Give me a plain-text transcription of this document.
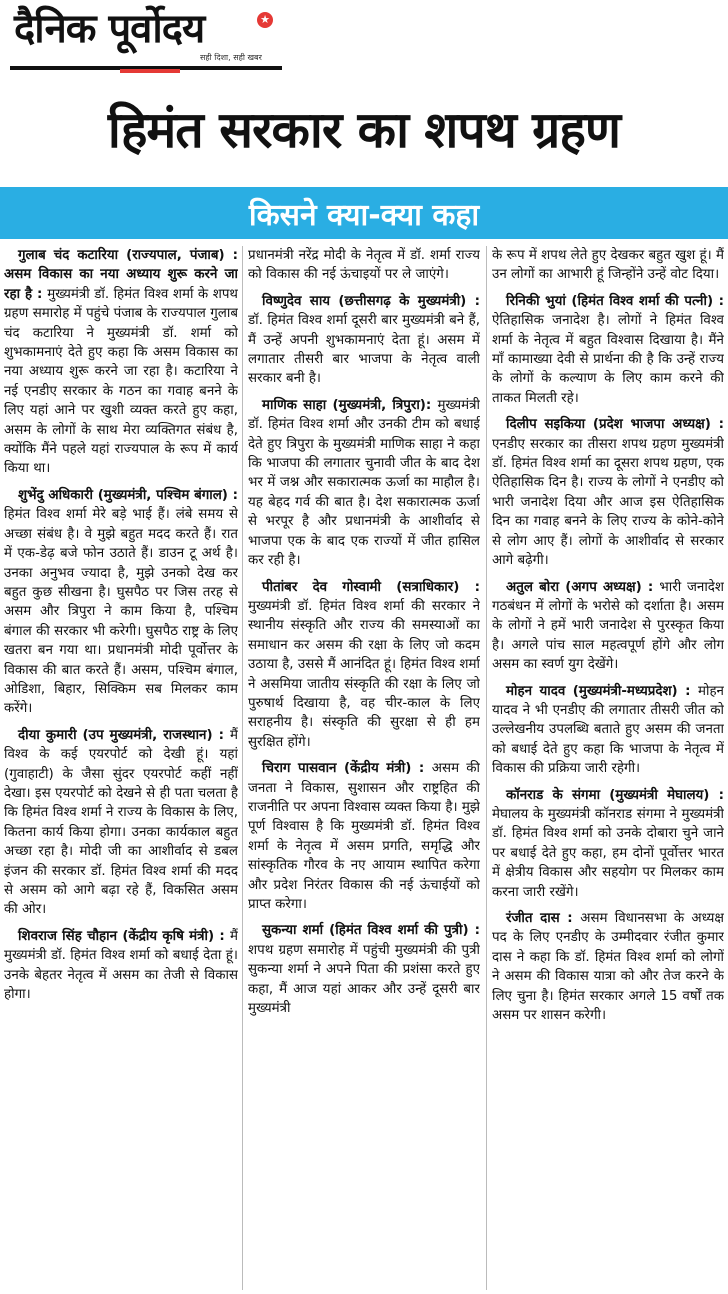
दैनिक पूर्वोदय	★
सही दिशा, सही खबर
हिमंत सरकार का शपथ ग्रहण
किसने क्या-क्या कहा

गुलाब चंद कटारिया (राज्यपाल, पंजाब) : असम विकास का नया अध्याय शुरू करने जा रहा है : मुख्यमंत्री डॉ. हिमंत विश्व शर्मा के शपथ ग्रहण समारोह में पहुंचे पंजाब के राज्यपाल गुलाब चंद कटारिया ने मुख्यमंत्री डॉ. शर्मा को शुभकामनाएं देते हुए कहा कि असम विकास का नया अध्याय शुरू करने जा रहा है। कटारिया ने नई एनडीए सरकार के गठन का गवाह बनने के लिए यहां आने पर खुशी व्यक्त करते हुए कहा, असम के लोगों के साथ मेरा व्यक्तिगत संबंध है, क्योंकि मैंने पहले यहां राज्यपाल के रूप में कार्य किया था।

शुभेंदु अधिकारी (मुख्यमंत्री, पश्चिम बंगाल) : हिमंत विश्व शर्मा मेरे बड़े भाई हैं। लंबे समय से अच्छा संबंध है। वे मुझे बहुत मदद करते हैं। रात में एक-डेढ़ बजे फोन उठाते हैं। डाउन टू अर्थ है। उनका अनुभव ज्यादा है, मुझे उनको देख कर बहुत कुछ सीखना है। घुसपैठ पर जिस तरह से असम और त्रिपुरा ने काम किया है, पश्चिम बंगाल की सरकार भी करेगी। घुसपैठ राष्ट्र के लिए खतरा बन गया था। प्रधानमंत्री मोदी पूर्वोत्तर के विकास की बात करते हैं। असम, पश्चिम बंगाल, ओडिशा, बिहार, सिक्किम सब मिलकर काम करेंगे।

दीया कुमारी (उप मुख्यमंत्री, राजस्थान) : मैं विश्व के कई एयरपोर्ट को देखी हूं। यहां (गुवाहाटी) के जैसा सुंदर एयरपोर्ट कहीं नहीं देखा। इस एयरपोर्ट को देखने से ही पता चलता है कि हिमंत विश्व शर्मा ने राज्य के विकास के लिए, कितना कार्य किया होगा। उनका कार्यकाल बहुत अच्छा रहा है। मोदी जी का आशीर्वाद से डबल इंजन की सरकार डॉ. हिमंत विश्व शर्मा की मदद से असम को आगे बढ़ा रहे हैं, विकसित असम की ओर।

शिवराज सिंह चौहान (केंद्रीय कृषि मंत्री) : मैं मुख्यमंत्री डॉ. हिमंत विश्व शर्मा को बधाई देता हूं। उनके बेहतर नेतृत्व में असम का तेजी से विकास होगा।

प्रधानमंत्री नरेंद्र मोदी के नेतृत्व में डॉ. शर्मा राज्य को विकास की नई ऊंचाइयों पर ले जाएंगे।

विष्णुदेव साय (छत्तीसगढ़ के मुख्यमंत्री) : डॉ. हिमंत विश्व शर्मा दूसरी बार मुख्यमंत्री बने हैं, मैं उन्हें अपनी शुभकामनाएं देता हूं। असम में लगातार तीसरी बार भाजपा के नेतृत्व वाली सरकार बनी है।

माणिक साहा (मुख्यमंत्री, त्रिपुरा): मुख्यमंत्री डॉ. हिमंत विश्व शर्मा और उनकी टीम को बधाई देते हुए त्रिपुरा के मुख्यमंत्री माणिक साहा ने कहा कि भाजपा की लगातार चुनावी जीत के बाद देश भर में जश्न और सकारात्मक ऊर्जा का माहौल है। यह बेहद गर्व की बात है। देश सकारात्मक ऊर्जा से भरपूर है और प्रधानमंत्री के आशीर्वाद से भाजपा एक के बाद एक राज्यों में जीत हासिल कर रही है।

पीतांबर देव गोस्वामी (सत्राधिकार) : मुख्यमंत्री डॉ. हिमंत विश्व शर्मा की सरकार ने स्थानीय संस्कृति और राज्य की समस्याओं का समाधान कर असम की रक्षा के लिए जो कदम उठाया है, उससे मैं आनंदित हूं। हिमंत विश्व शर्मा ने असमिया जातीय संस्कृति की रक्षा के लिए जो पुरुषार्थ दिखाया है, वह चीर-काल के लिए सराहनीय है। संस्कृति की सुरक्षा से ही हम सुरक्षित होंगे।

चिराग पासवान (केंद्रीय मंत्री) : असम की जनता ने विकास, सुशासन और राष्ट्रहित की राजनीति पर अपना विश्वास व्यक्त किया है। मुझे पूर्ण विश्वास है कि मुख्यमंत्री डॉ. हिमंत विश्व शर्मा के नेतृत्व में असम प्रगति, समृद्धि और सांस्कृतिक गौरव के नए आयाम स्थापित करेगा और प्रदेश निरंतर विकास की नई ऊंचाईयों को प्राप्त करेगा।

सुकन्या शर्मा (हिमंत विश्व शर्मा की पुत्री) : शपथ ग्रहण समारोह में पहुंची मुख्यमंत्री की पुत्री सुकन्या शर्मा ने अपने पिता की प्रशंसा करते हुए कहा, मैं आज यहां आकर और उन्हें दूसरी बार मुख्यमंत्री

के रूप में शपथ लेते हुए देखकर बहुत खुश हूं। मैं उन लोगों का आभारी हूं जिन्होंने उन्हें वोट दिया।

रिनिकी भुयां (हिमंत विश्व शर्मा की पत्नी) : ऐतिहासिक जनादेश है। लोगों ने हिमंत विश्व शर्मा के नेतृत्व में बहुत विश्वास दिखाया है। मैंने माँ कामाख्या देवी से प्रार्थना की है कि उन्हें राज्य के लोगों के कल्याण के लिए काम करने की ताकत मिलती रहे।

दिलीप सइकिया (प्रदेश भाजपा अध्यक्ष) : एनडीए सरकार का तीसरा शपथ ग्रहण मुख्यमंत्री डॉ. हिमंत विश्व शर्मा का दूसरा शपथ ग्रहण, एक ऐतिहासिक दिन है। राज्य के लोगों ने एनडीए को भारी जनादेश दिया और आज इस ऐतिहासिक दिन का गवाह बनने के लिए राज्य के कोने-कोने से लोग आए हैं। लोगों के आशीर्वाद से सरकार आगे बढ़ेगी।

अतुल बोरा (अगप अध्यक्ष) : भारी जनादेश गठबंधन में लोगों के भरोसे को दर्शाता है। असम के लोगों ने हमें भारी जनादेश से पुरस्कृत किया है। अगले पांच साल महत्वपूर्ण होंगे और लोग असम का स्वर्ण युग देखेंगे।

मोहन यादव (मुख्यमंत्री-मध्यप्रदेश) : मोहन यादव ने भी एनडीए की लगातार तीसरी जीत को उल्लेखनीय उपलब्धि बताते हुए असम की जनता को बधाई देते हुए कहा कि भाजपा के नेतृत्व में विकास की प्रक्रिया जारी रहेगी।

कॉनराड के संगमा (मुख्यमंत्री मेघालय) : मेघालय के मुख्यमंत्री कॉनराड संगमा ने मुख्यमंत्री डॉ. हिमंत विश्व शर्मा को उनके दोबारा चुने जाने पर बधाई देते हुए कहा, हम दोनों पूर्वोत्तर भारत में क्षेत्रीय विकास और सहयोग पर मिलकर काम करना जारी रखेंगे।

रंजीत दास : असम विधानसभा के अध्यक्ष पद के लिए एनडीए के उम्मीदवार रंजीत कुमार दास ने कहा कि डॉ. हिमंत विश्व शर्मा को लोगों ने असम की विकास यात्रा को और तेज करने के लिए चुना है। हिमंत सरकार अगले 15 वर्षों तक असम पर शासन करेगी।
